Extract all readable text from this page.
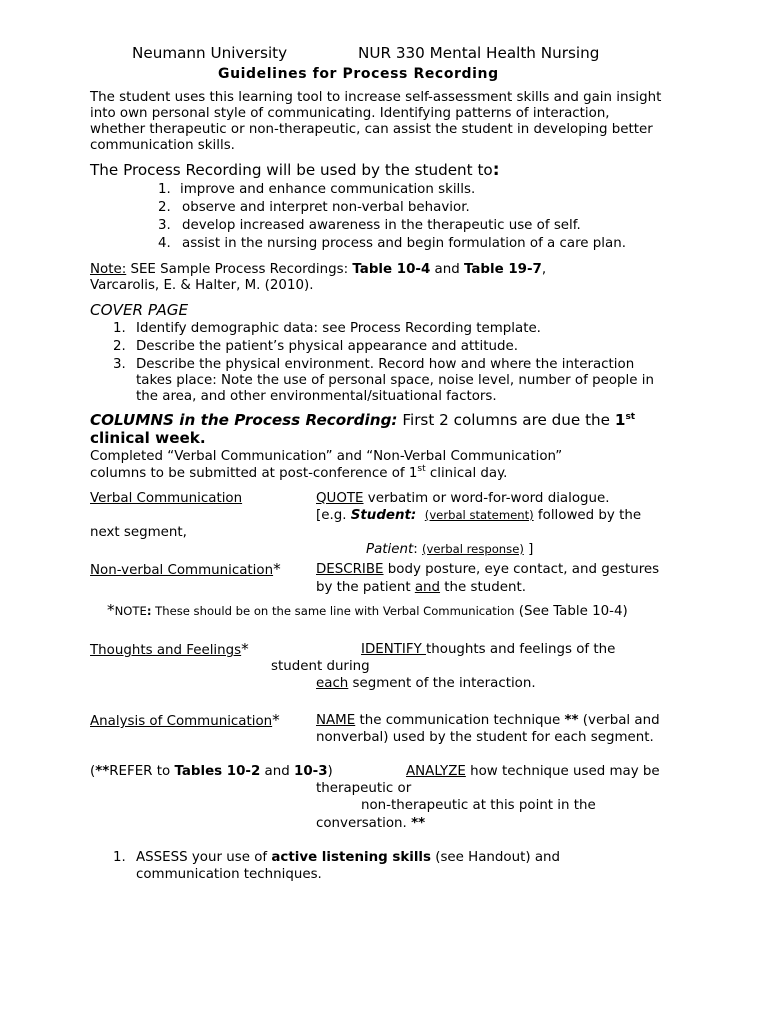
Neumann University	NUR 330 Mental Health Nursing
Guidelines for Process Recording
The student uses this learning tool to increase self-assessment skills and gain insight
into own personal style of communicating. Identifying patterns of interaction,
whether therapeutic or non-therapeutic, can assist the student in developing better
communication skills.
The Process Recording will be used by the student to:
1. improve and enhance communication skills.
2. observe and interpret non-verbal behavior.
3. develop increased awareness in the therapeutic use of self.
4. assist in the nursing process and begin formulation of a care plan.
Note: SEE Sample Process Recordings: Table 10-4 and Table 19-7,
Varcarolis, E. & Halter, M. (2010).
COVER PAGE
1. Identify demographic data: see Process Recording template.
2. Describe the patient’s physical appearance and attitude.
3. Describe the physical environment. Record how and where the interaction
takes place: Note the use of personal space, noise level, number of people in
the area, and other environmental/situational factors.
COLUMNS in the Process Recording: First 2 columns are due the 1st
clinical week.
Completed “Verbal Communication” and “Non-Verbal Communication”
columns to be submitted at post-conference of 1st clinical day.
Verbal Communication	QUOTE verbatim or word-for-word dialogue.
[e.g. Student: (verbal statement) followed by the
next segment,
Patient: (verbal response) ]
Non-verbal Communication*	DESCRIBE body posture, eye contact, and gestures
by the patient and the student.
*NOTE: These should be on the same line with Verbal Communication (See Table 10-4)
Thoughts and Feelings*	IDENTIFY thoughts and feelings of the
student during
each segment of the interaction.
Analysis of Communication*	NAME the communication technique ** (verbal and
nonverbal) used by the student for each segment.
(**REFER to Tables 10-2 and 10-3)	ANALYZE how technique used may be
therapeutic or
non-therapeutic at this point in the
conversation. **
1. ASSESS your use of active listening skills (see Handout) and
communication techniques.
